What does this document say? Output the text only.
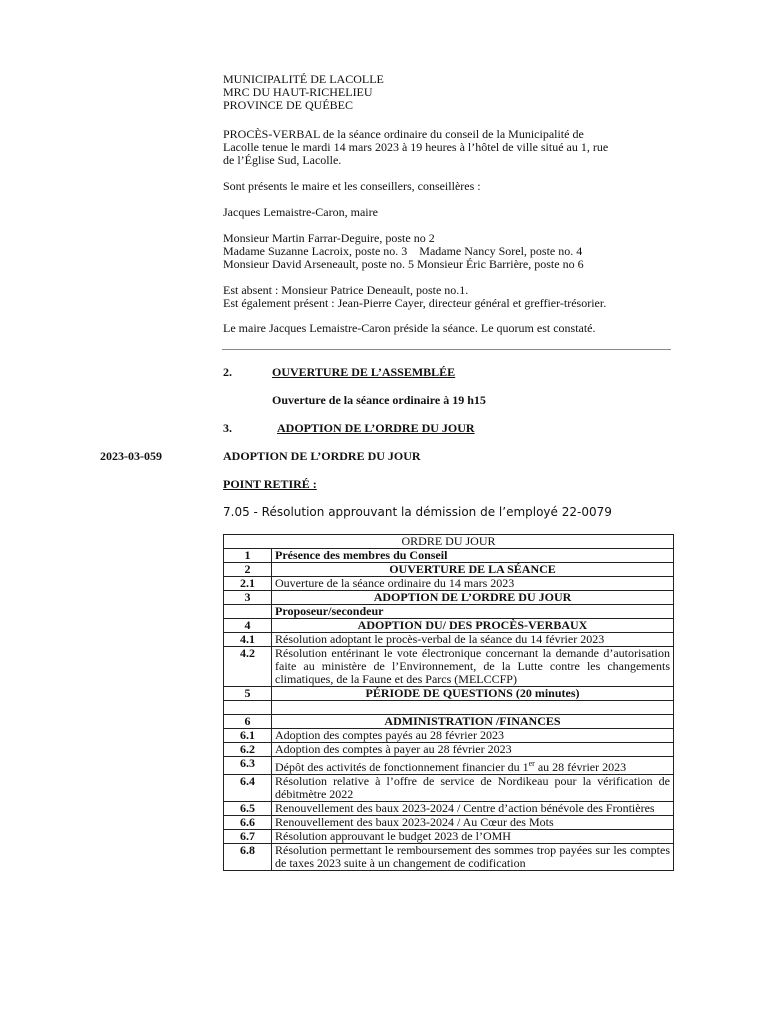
MUNICIPALITÉ DE LACOLLE
MRC DU HAUT-RICHELIEU
PROVINCE DE QUÉBEC
PROCÈS-VERBAL de la séance ordinaire du conseil de la Municipalité de
Lacolle tenue le mardi 14 mars 2023 à 19 heures à l’hôtel de ville situé au 1, rue
de l’Église Sud, Lacolle.
Sont présents le maire et les conseillers, conseillères :
Jacques Lemaistre-Caron, maire
Monsieur Martin Farrar-Deguire, poste no 2
Madame Suzanne Lacroix, poste no. 3    Madame Nancy Sorel, poste no. 4
Monsieur David Arseneault, poste no. 5 Monsieur Éric Barrière, poste no 6
Est absent : Monsieur Patrice Deneault, poste no.1.
Est également présent : Jean-Pierre Cayer, directeur général et greffier-trésorier.
Le maire Jacques Lemaistre-Caron préside la séance. Le quorum est constaté.
2.	OUVERTURE DE L’ASSEMBLÉE
Ouverture de la séance ordinaire à 19 h15
3.	ADOPTION DE L’ORDRE DU JOUR
2023-03-059	ADOPTION DE L’ORDRE DU JOUR
POINT RETIRÉ :
7.05 - Résolution approuvant la démission de l’employé 22-0079
ORDRE DU JOUR	
1	Présence des membres du Conseil
2	OUVERTURE DE LA SÉANCE
2.1	Ouverture de la séance ordinaire du 14 mars 2023
3	ADOPTION DE L’ORDRE DU JOUR
	Proposeur/secondeur
4	ADOPTION DU/ DES PROCÈS-VERBAUX
4.1	Résolution adoptant le procès-verbal de la séance du 14 février 2023
4.2	Résolution entérinant le vote électronique concernant la demande d’autorisation faite au ministère de l’Environnement, de la Lutte contre les changements climatiques, de la Faune et des Parcs (MELCCFP)
5	PÉRIODE DE QUESTIONS (20 minutes)

6	ADMINISTRATION /FINANCES
6.1	Adoption des comptes payés au 28 février 2023
6.2	Adoption des comptes à payer au 28 février 2023
6.3	Dépôt des activités de fonctionnement financier du 1er au 28 février 2023
6.4	Résolution relative à l’offre de service de Nordikeau pour la vérification de débitmètre 2022
6.5	Renouvellement des baux 2023-2024 / Centre d’action bénévole des Frontières
6.6	Renouvellement des baux 2023-2024 / Au Cœur des Mots
6.7	Résolution approuvant le budget 2023 de l’OMH
6.8	Résolution permettant le remboursement des sommes trop payées sur les comptes de taxes 2023 suite à un changement de codification
